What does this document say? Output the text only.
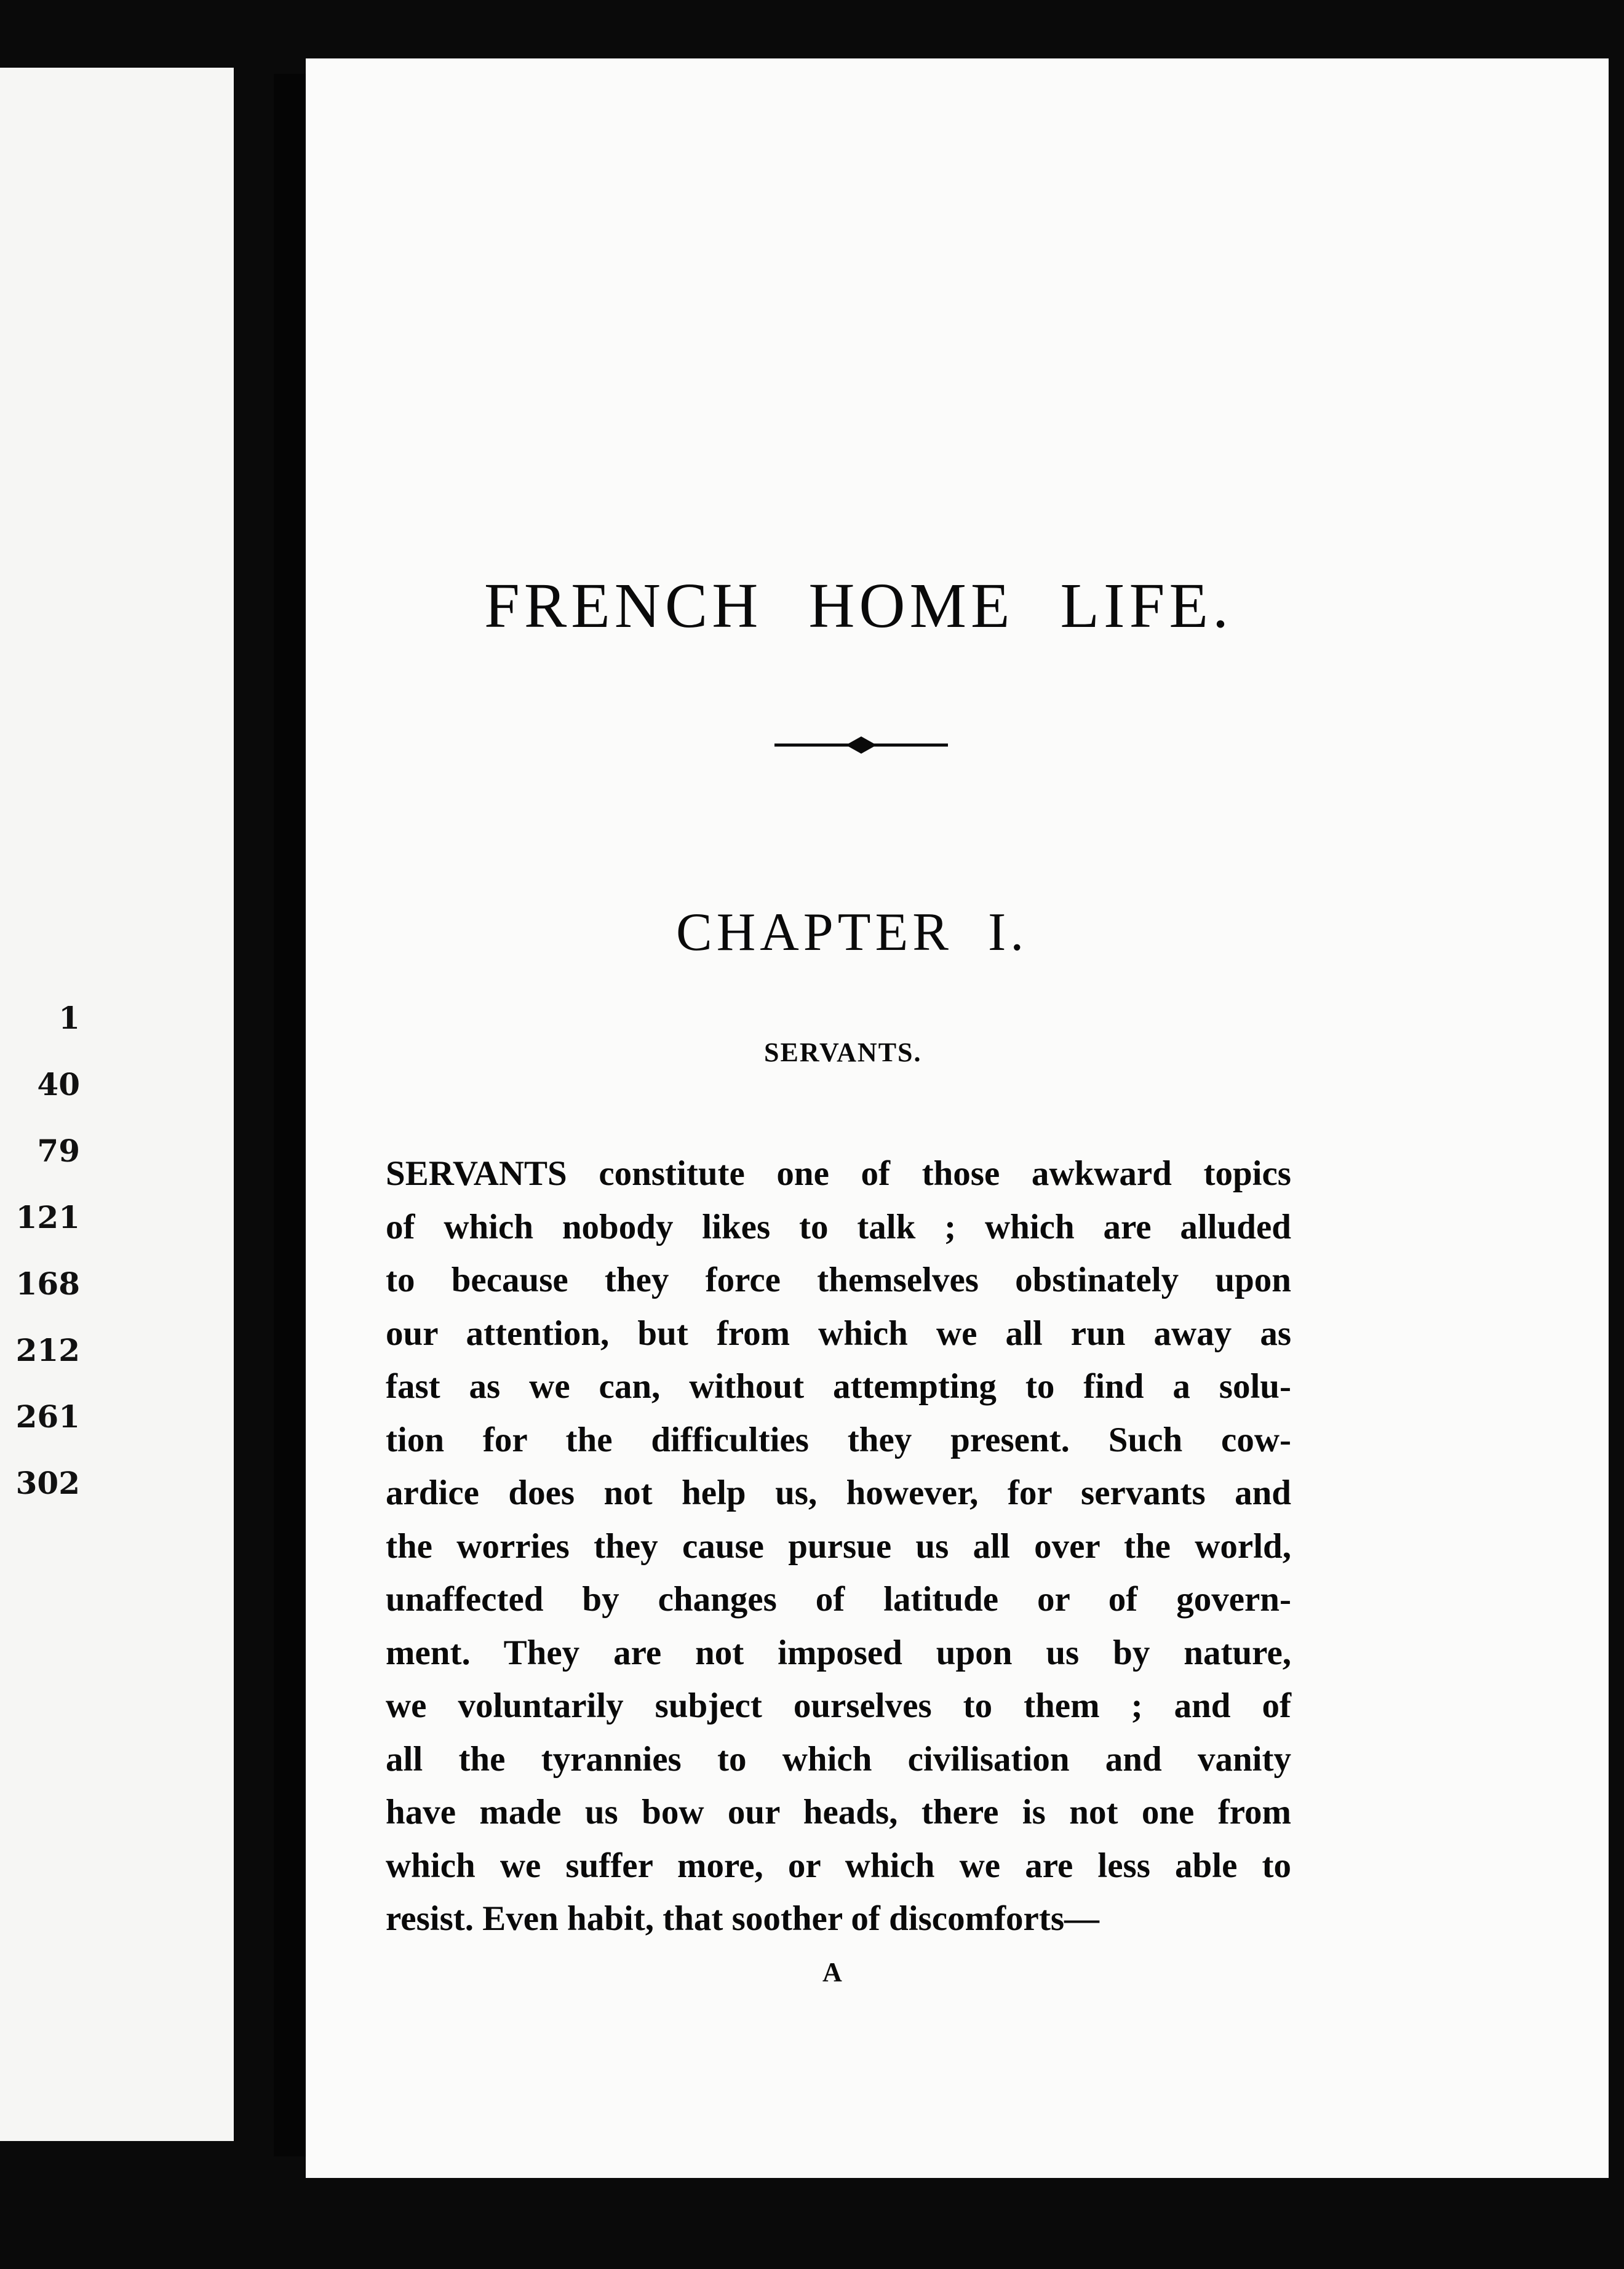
1
40
79
121
168
212
261
302
FRENCH HOME LIFE.
CHAPTER I.
SERVANTS.
SERVANTS constitute one of those awkward topics
of which nobody likes to talk ; which are alluded
to because they force themselves obstinately upon
our attention, but from which we all run away as
fast as we can, without attempting to find a solu-
tion for the difficulties they present. Such cow-
ardice does not help us, however, for servants and
the worries they cause pursue us all over the world,
unaffected by changes of latitude or of govern-
ment. They are not imposed upon us by nature,
we voluntarily subject ourselves to them ; and of
all the tyrannies to which civilisation and vanity
have made us bow our heads, there is not one from
which we suffer more, or which we are less able to
resist. Even habit, that soother of discomforts—
A
